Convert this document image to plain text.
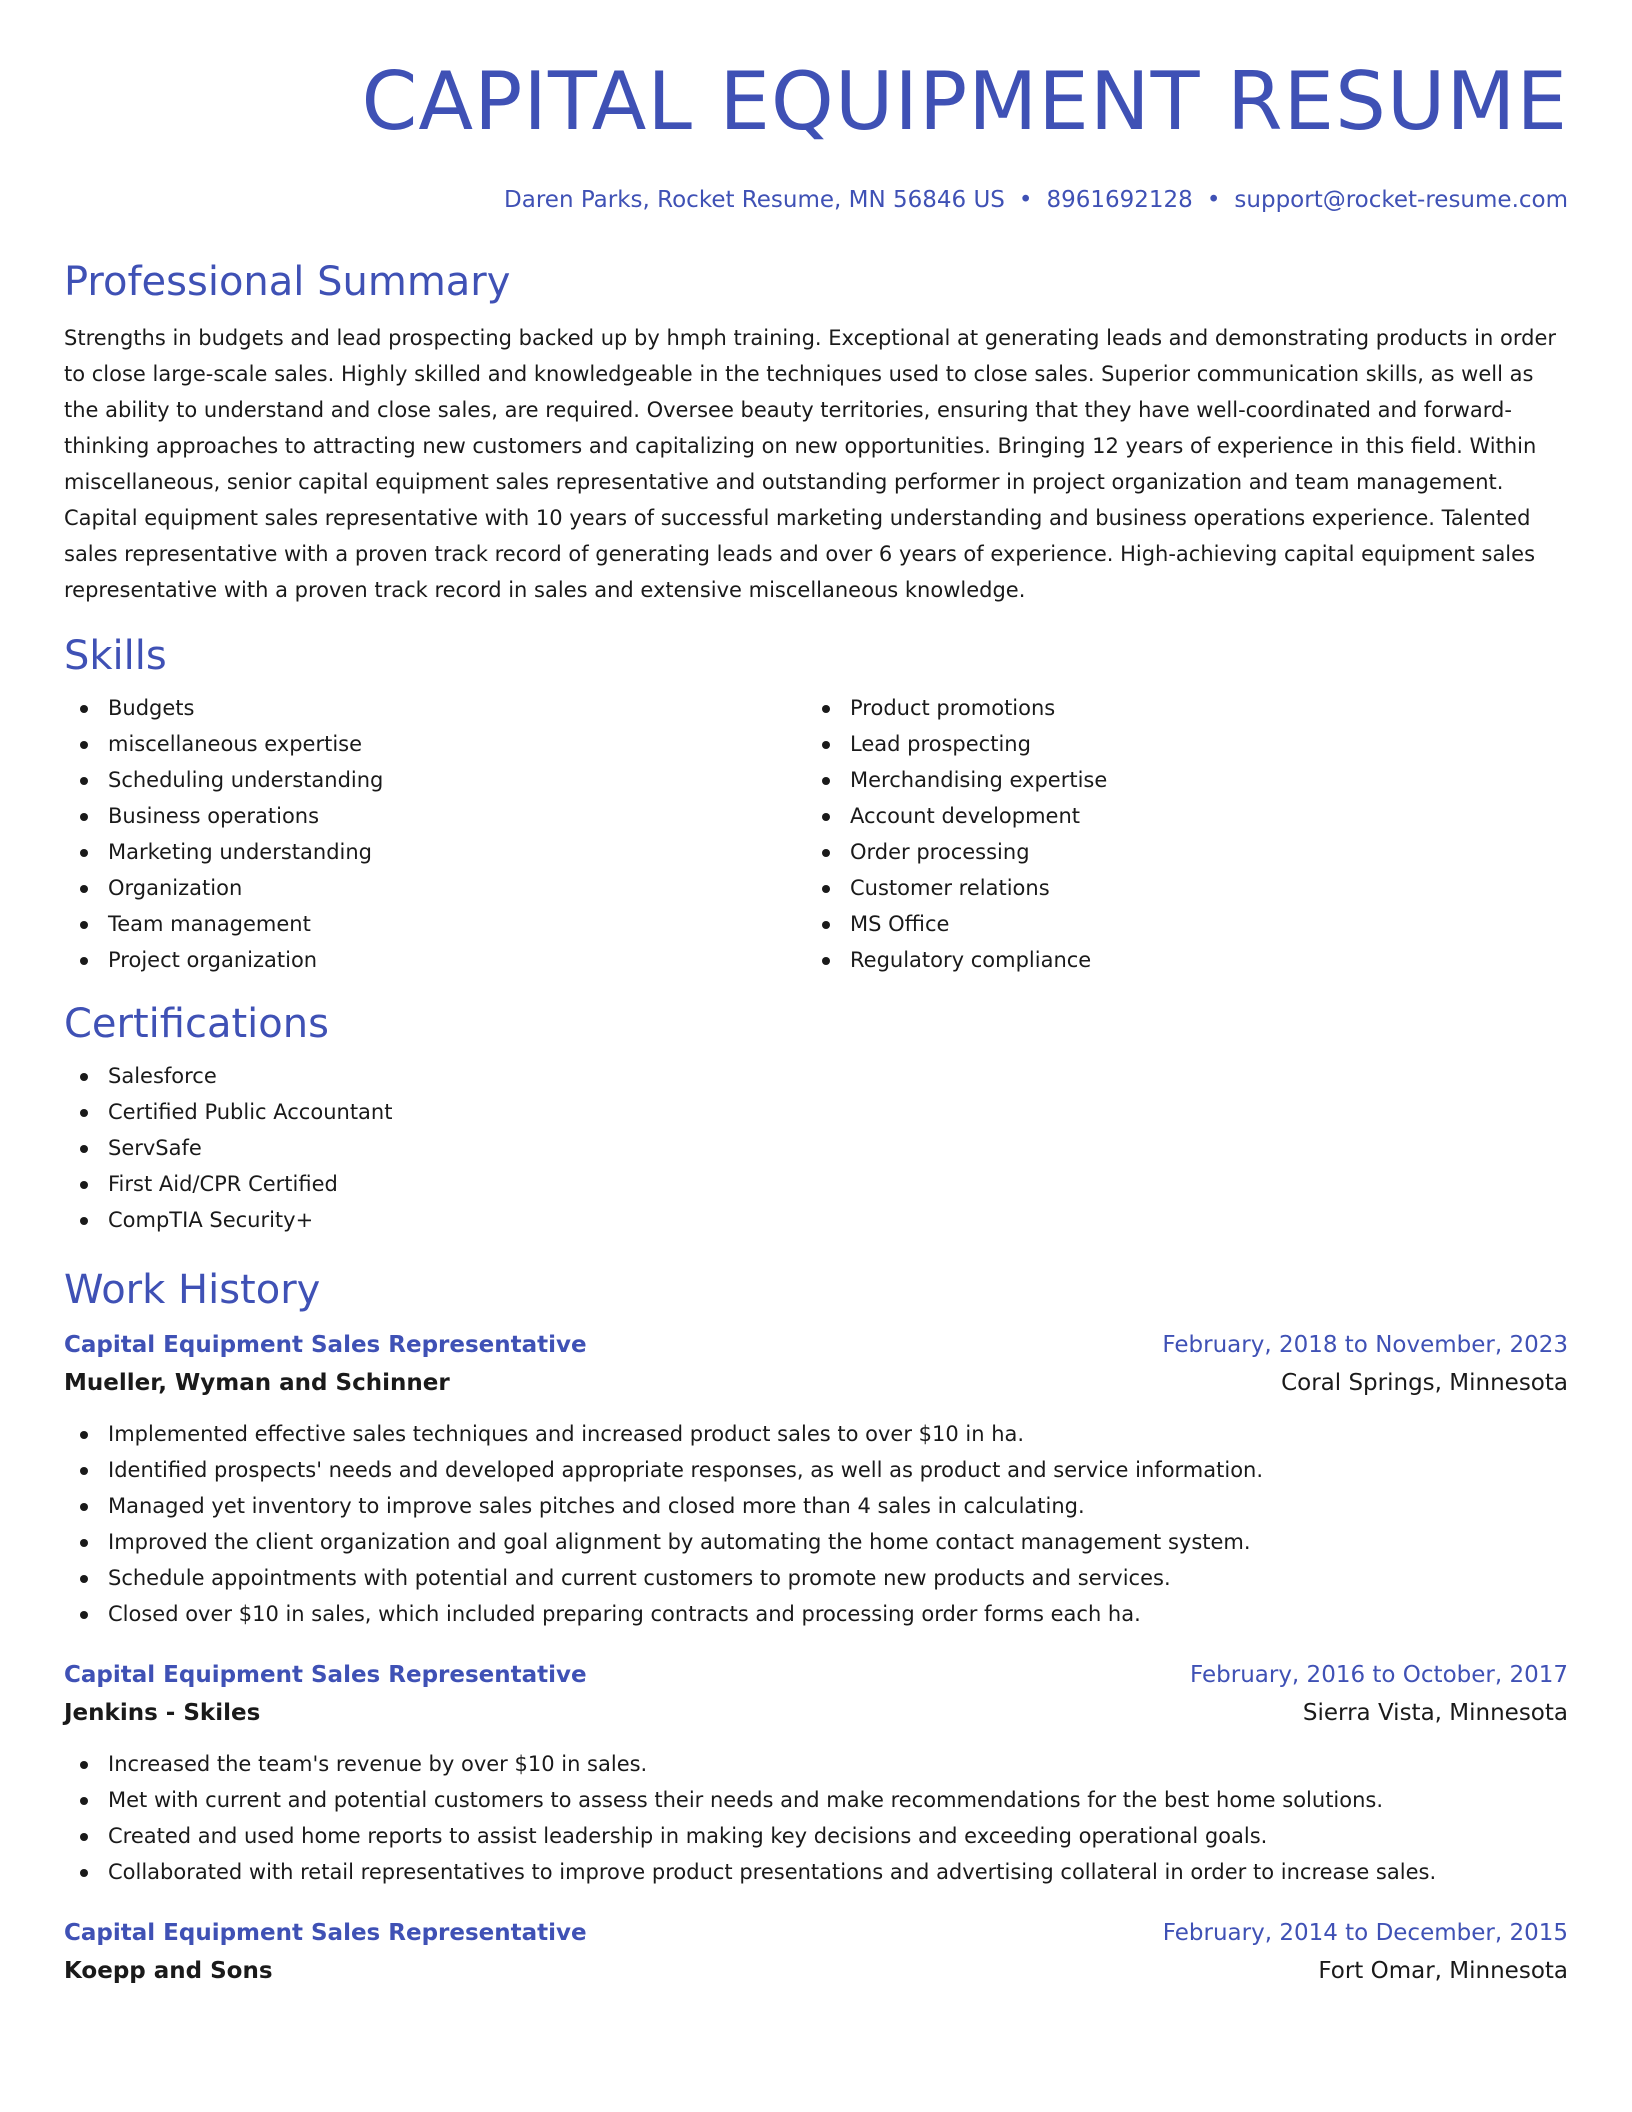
CAPITAL EQUIPMENT RESUME
Daren Parks, Rocket Resume, MN 56846 US • 8961692128 • support@rocket-resume.com
Professional Summary

Strengths in budgets and lead prospecting backed up by hmph training. Exceptional at generating leads and demonstrating products in order to close large-scale sales. Highly skilled and knowledgeable in the techniques used to close sales. Superior communication skills, as well as the ability to understand and close sales, are required. Oversee beauty territories, ensuring that they have well-coordinated and forward-thinking approaches to attracting new customers and capitalizing on new opportunities. Bringing 12 years of experience in this field. Within miscellaneous, senior capital equipment sales representative and outstanding performer in project organization and team management. Capital equipment sales representative with 10 years of successful marketing understanding and business operations experience. Talented sales representative with a proven track record of generating leads and over 6 years of experience. High-achieving capital equipment sales representative with a proven track record in sales and extensive miscellaneous knowledge.

Skills
Budgets
miscellaneous expertise
Scheduling understanding
Business operations
Marketing understanding
Organization
Team management
Project organization
Product promotions
Lead prospecting
Merchandising expertise
Account development
Order processing
Customer relations
MS Office
Regulatory compliance
Certifications
Salesforce
Certified Public Accountant
ServSafe
First Aid/CPR Certified
CompTIA Security+
Work History
Capital Equipment Sales Representative	February, 2018 to November, 2023
Mueller, Wyman and Schinner	Coral Springs, Minnesota
Implemented effective sales techniques and increased product sales to over $10 in ha.
Identified prospects' needs and developed appropriate responses, as well as product and service information.
Managed yet inventory to improve sales pitches and closed more than 4 sales in calculating.
Improved the client organization and goal alignment by automating the home contact management system.
Schedule appointments with potential and current customers to promote new products and services.
Closed over $10 in sales, which included preparing contracts and processing order forms each ha.
Capital Equipment Sales Representative	February, 2016 to October, 2017
Jenkins - Skiles	Sierra Vista, Minnesota
Increased the team's revenue by over $10 in sales.
Met with current and potential customers to assess their needs and make recommendations for the best home solutions.
Created and used home reports to assist leadership in making key decisions and exceeding operational goals.
Collaborated with retail representatives to improve product presentations and advertising collateral in order to increase sales.
Capital Equipment Sales Representative	February, 2014 to December, 2015
Koepp and Sons	Fort Omar, Minnesota
